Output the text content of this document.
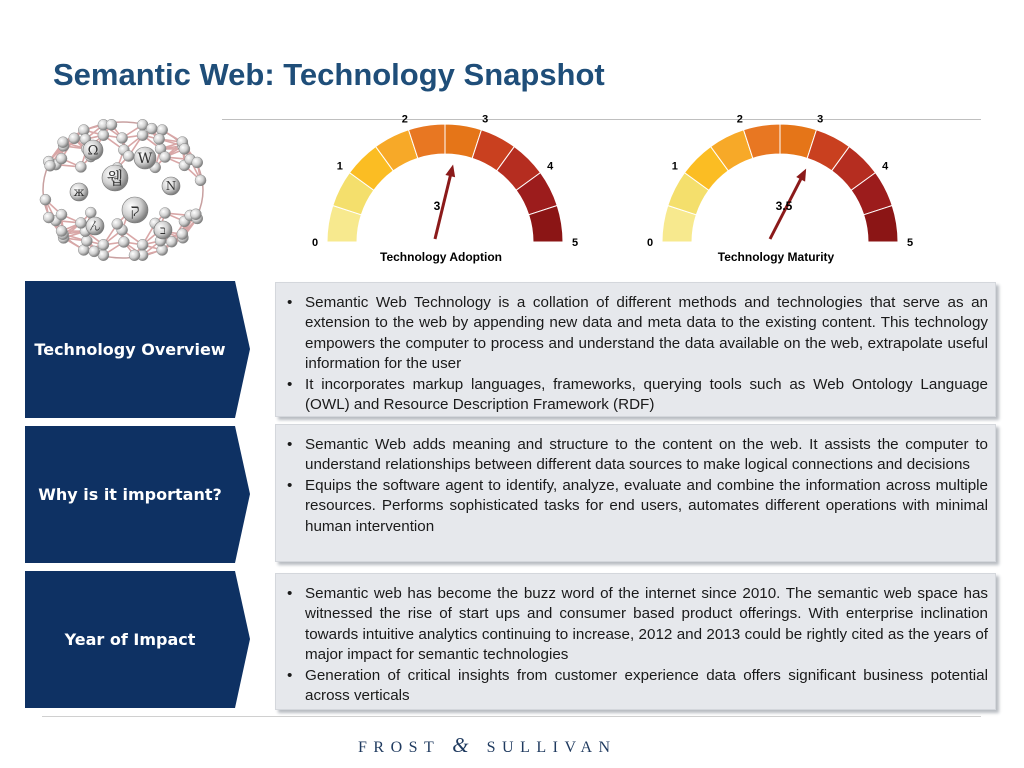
Semantic Web: Technology Snapshot
Ω	W
웹
ק
ж	N
ん	ב
0
1
2	3
4
5
3
Technology Adoption
0
1
2	3
4
5
3.5
Technology Maturity
Technology Overview
Why is it important?
Year of Impact
• Semantic Web Technology is a collation of different methods and technologies that serve as an extension to the web by appending new data and meta data to the existing content. This technology empowers the computer to process and understand the data available on the web, extrapolate useful information for the user
• It incorporates markup languages, frameworks, querying tools such as Web Ontology Language (OWL) and Resource Description Framework (RDF)
• Semantic Web adds meaning and structure to the content on the web. It assists the computer to understand relationships between different data sources to make logical connections and decisions
• Equips the software agent to identify, analyze, evaluate and combine the information across multiple resources. Performs sophisticated tasks for end users, automates different operations with minimal human intervention
• Semantic web has become the buzz word of the internet since 2010. The semantic web space has witnessed the rise of start ups and consumer based product offerings. With enterprise inclination towards intuitive analytics continuing to increase, 2012 and 2013 could be rightly cited as the years of major impact for semantic technologies
• Generation of critical insights from customer experience data offers significant business potential across verticals
FROST & SULLIVAN
